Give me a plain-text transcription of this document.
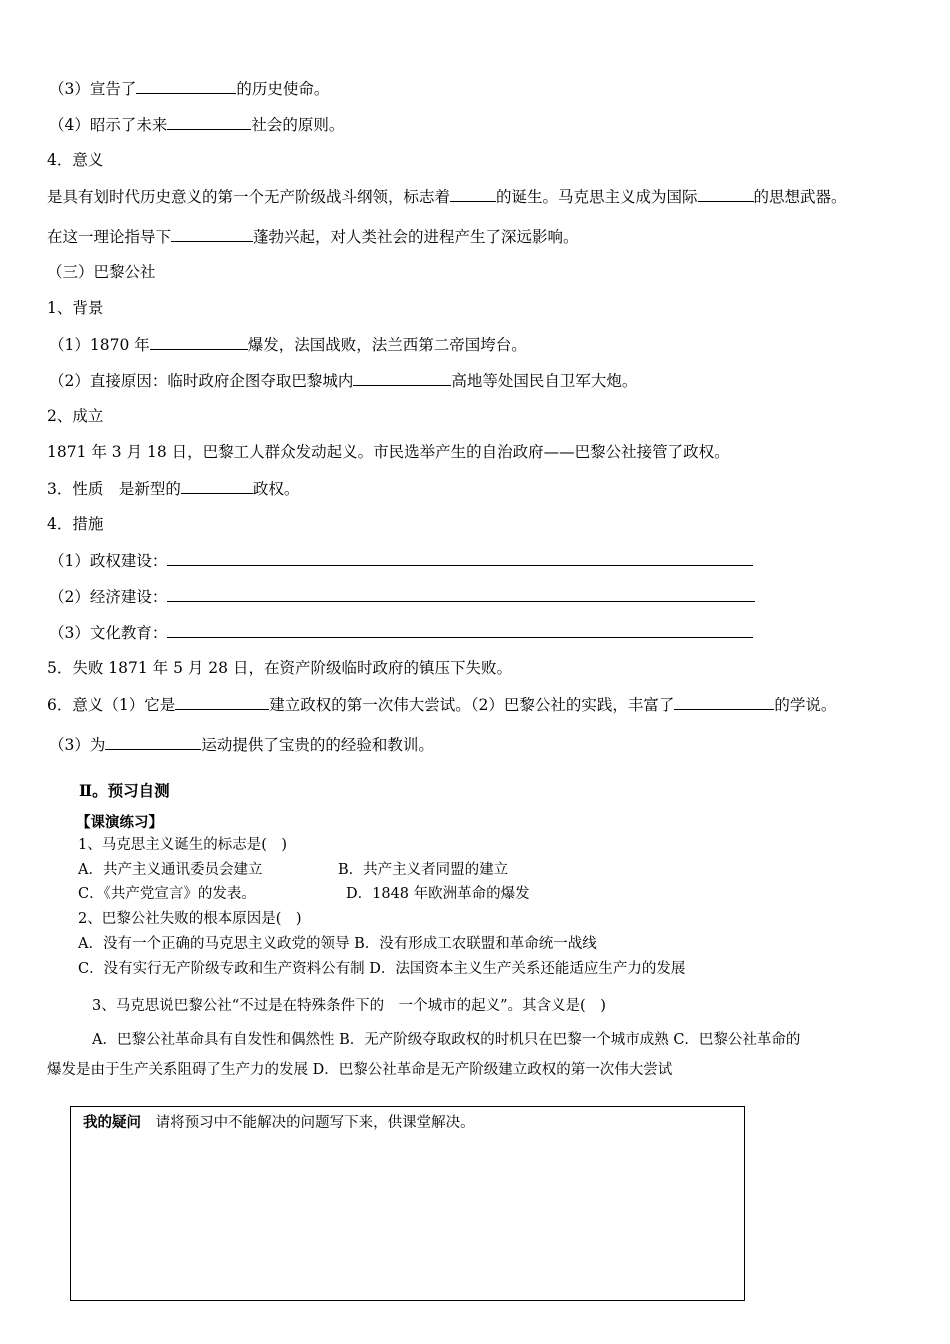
（3）宣告了	的历史使命。
（4）昭示了未来	社会的原则。
4．意义
是具有划时代历史意义的第一个无产阶级战斗纲领，标志着	的诞生。马克思主义成为国际	的思想武器。
在这一理论指导下	蓬勃兴起，对人类社会的进程产生了深远影响。
（三）巴黎公社
1、背景
（1）1870 年	爆发，法国战败，法兰西第二帝国垮台。
（2）直接原因：临时政府企图夺取巴黎城内	高地等处国民自卫军大炮。
2、成立
1871 年 3 月 18 日，巴黎工人群众发动起义。市民选举产生的自治政府——巴黎公社接管了政权。
3．性质　是新型的	政权。
4．措施
（1）政权建设：
（2）经济建设：
（3）文化教育：
5．失败 1871 年 5 月 28 日，在资产阶级临时政府的镇压下失败。
6．意义（1）它是	建立政权的第一次伟大尝试。（2）巴黎公社的实践，丰富了	的学说。
（3）为	运动提供了宝贵的的经验和教训。
Ⅱ。预习自测
【课演练习】
1、马克思主义诞生的标志是(　)
A．共产主义通讯委员会建立	B．共产主义者同盟的建立
C．《共产党宣言》的发表。	D．1848 年欧洲革命的爆发
2、巴黎公社失败的根本原因是(　)
A．没有一个正确的马克思主义政党的领导 B．没有形成工农联盟和革命统一战线
C．没有实行无产阶级专政和生产资料公有制 D．法国资本主义生产关系还能适应生产力的发展
3、马克思说巴黎公社“不过是在特殊条件下的　一个城市的起义”。其含义是(　)
A．巴黎公社革命具有自发性和偶然性 B．无产阶级夺取政权的时机只在巴黎一个城市成熟 C．巴黎公社革命的
爆发是由于生产关系阻碍了生产力的发展 D．巴黎公社革命是无产阶级建立政权的第一次伟大尝试
我的疑问 请将预习中不能解决的问题写下来，供课堂解决。
